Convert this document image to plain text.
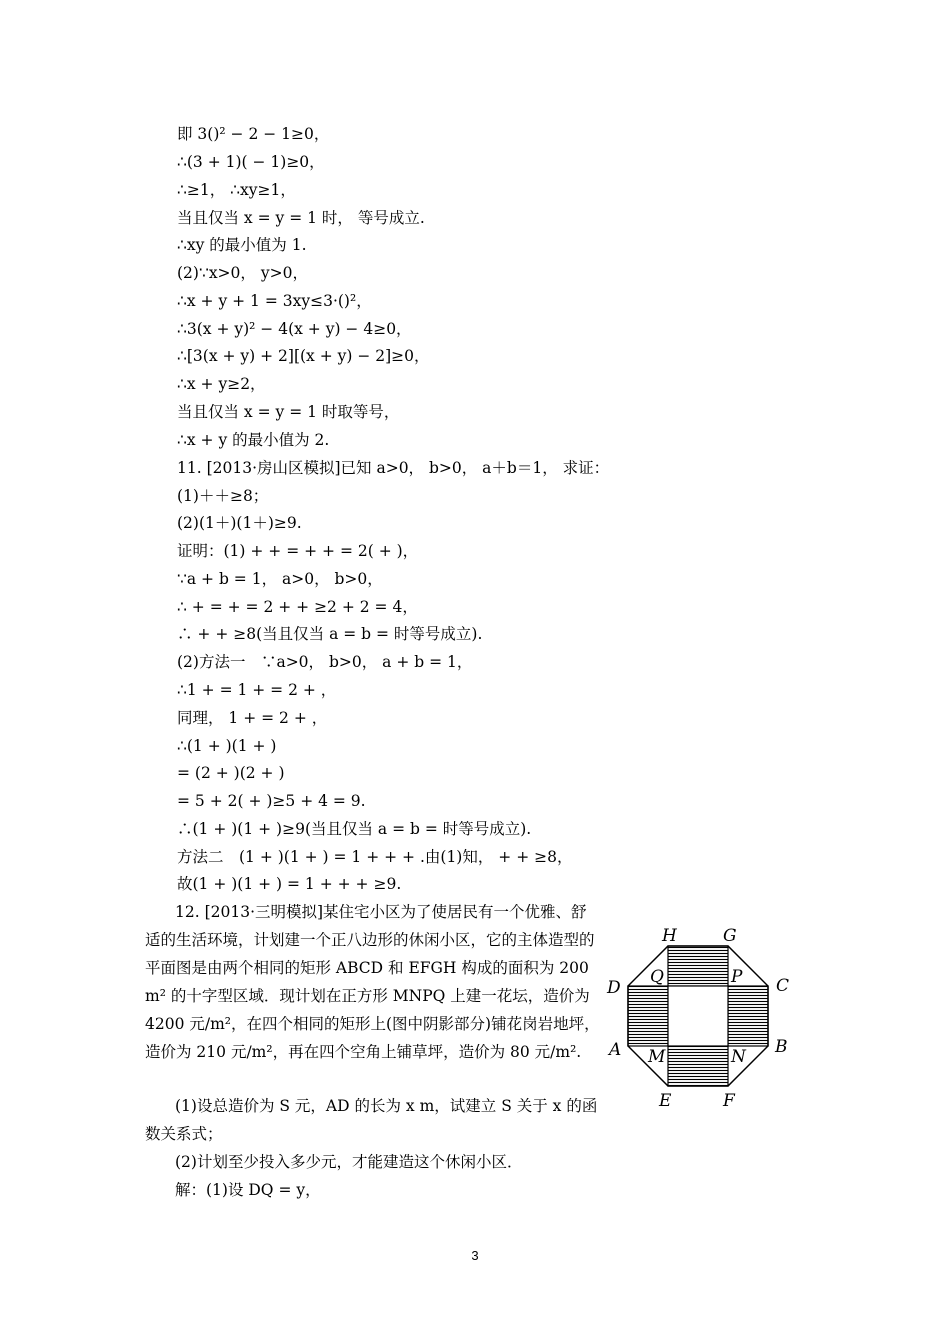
即 3()² − 2 − 1≥0，
∴(3 + 1)( − 1)≥0，
∴≥1， ∴xy≥1，
当且仅当 x = y = 1 时， 等号成立.
∴xy 的最小值为 1.
(2)∵x>0， y>0，
∴x + y + 1 = 3xy≤3·()²，
∴3(x + y)² − 4(x + y) − 4≥0，
∴[3(x + y) + 2][(x + y) − 2]≥0，
∴x + y≥2，
当且仅当 x = y = 1 时取等号，
∴x + y 的最小值为 2.
11. [2013·房山区模拟]已知 a>0， b>0， a＋b＝1， 求证：
(1)＋＋≥8；
(2)(1＋)(1＋)≥9.
证明：(1) + + = + + = 2( + )，
∵a + b = 1， a>0， b>0，
∴ + = + = 2 + + ≥2 + 2 = 4，
∴ + + ≥8(当且仅当 a = b = 时等号成立).
(2)方法一　∵a>0， b>0， a + b = 1，
∴1 + = 1 + = 2 + ，
同理， 1 + = 2 + ，
∴(1 + )(1 + )
= (2 + )(2 + )
= 5 + 2( + )≥5 + 4 = 9.
∴(1 + )(1 + )≥9(当且仅当 a = b = 时等号成立).
方法二　(1 + )(1 + ) = 1 + + + .由(1)知， + + ≥8，
故(1 + )(1 + ) = 1 + + + ≥9.
12. [2013·三明模拟]某住宅小区为了使居民有一个优雅、舒适的生活环境，计划建一个正八边形的休闲小区，它的主体造型的平面图是由两个相同的矩形 ABCD 和 EFGH 构成的面积为 200 m² 的十字型区域．现计划在正方形 MNPQ 上建一花坛，造价为 4200 元/m²，在四个相同的矩形上(图中阴影部分)铺花岗岩地坪，造价为 210 元/m²，再在四个空角上铺草坪，造价为 80 元/m².
(1)设总造价为 S 元，AD 的长为 x m，试建立 S 关于 x 的函数关系式；
(2)计划至少投入多少元，才能建造这个休闲小区．
解：(1)设 DQ = y，
H	G
D	C
A	B
E	F
Q	P
M	N
3
